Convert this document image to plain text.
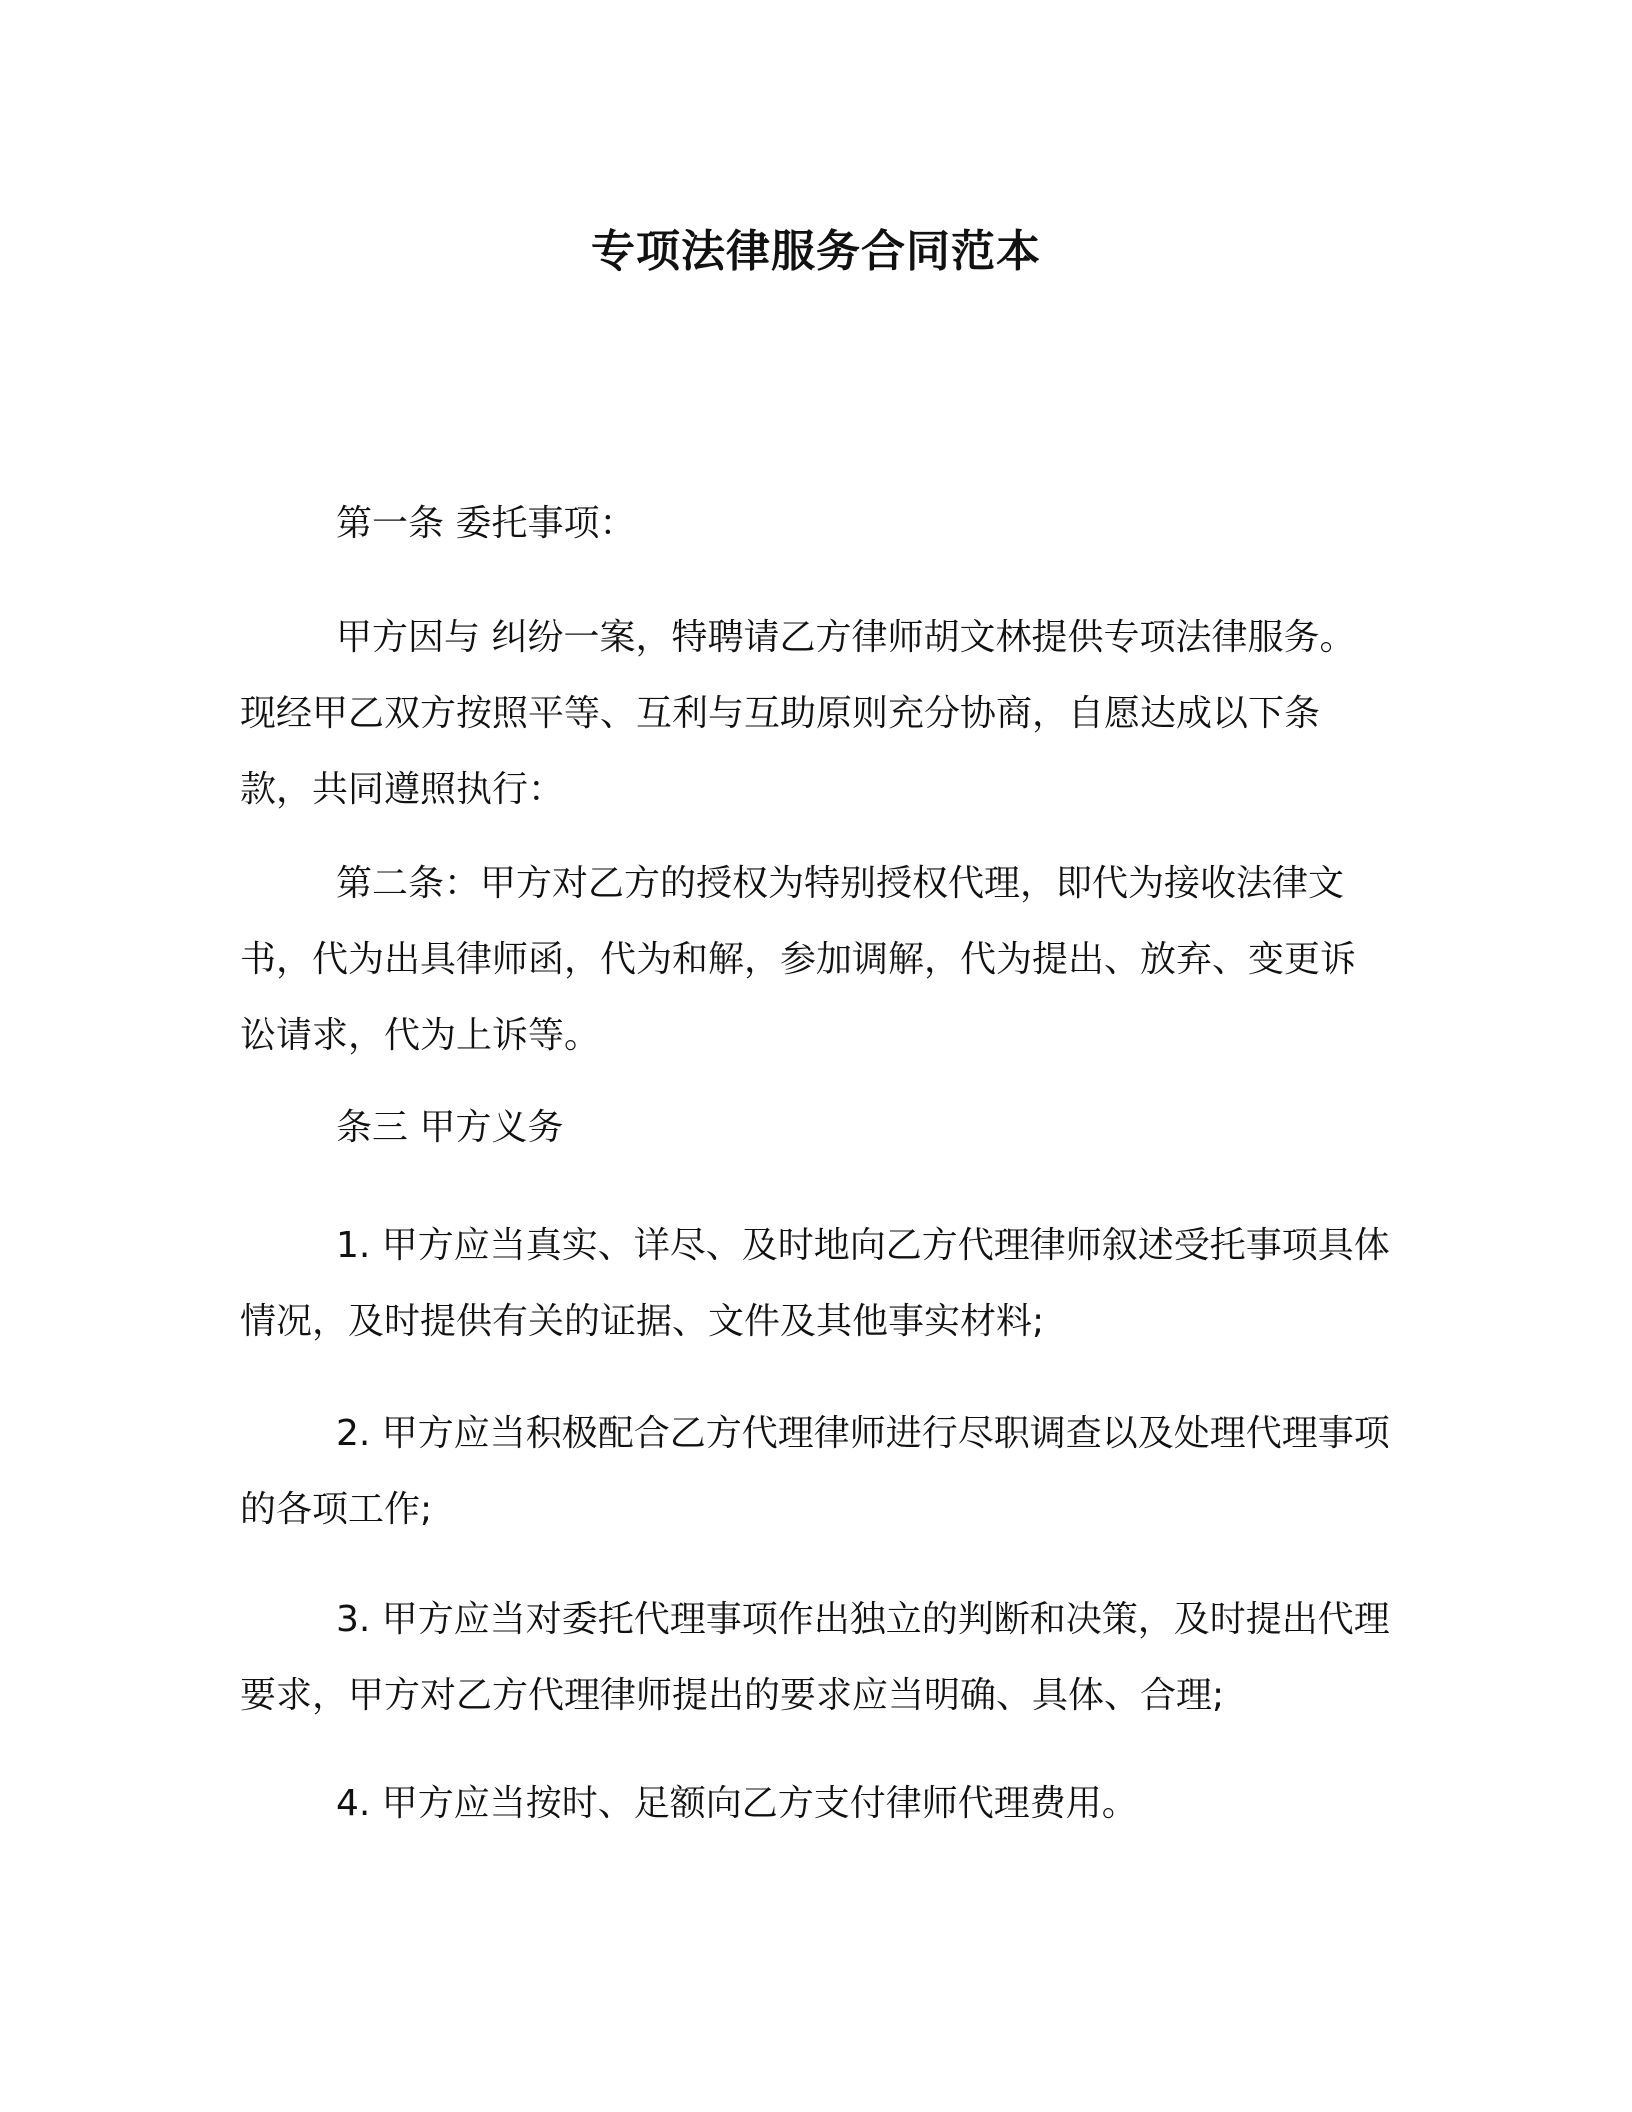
专项法律服务合同范本

第一条 委托事项：

甲方因与 纠纷一案，特聘请乙方律师胡文林提供专项法律服务。现经甲乙双方按照平等、互利与互助原则充分协商，自愿达成以下条款，共同遵照执行：

第二条：甲方对乙方的授权为特别授权代理，即代为接收法律文书，代为出具律师函，代为和解，参加调解，代为提出、放弃、变更诉讼请求，代为上诉等。

条三 甲方义务

1. 甲方应当真实、详尽、及时地向乙方代理律师叙述受托事项具体情况，及时提供有关的证据、文件及其他事实材料;

2. 甲方应当积极配合乙方代理律师进行尽职调查以及处理代理事项的各项工作;

3. 甲方应当对委托代理事项作出独立的判断和决策，及时提出代理要求，甲方对乙方代理律师提出的要求应当明确、具体、合理;

4. 甲方应当按时、足额向乙方支付律师代理费用。
